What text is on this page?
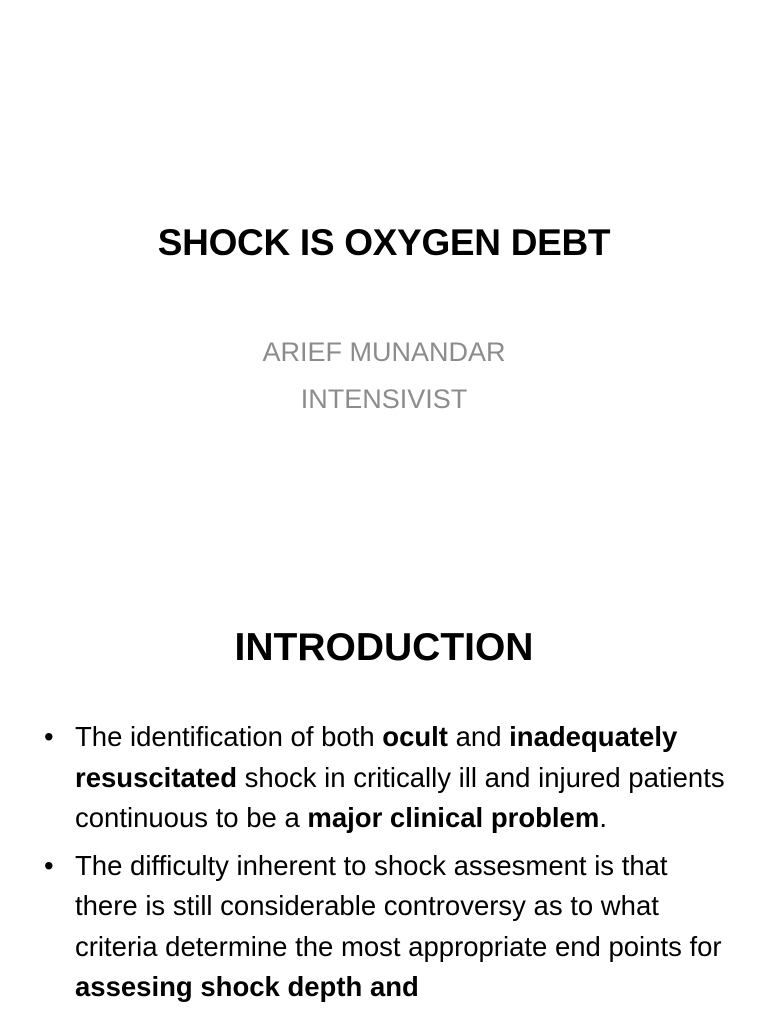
SHOCK IS OXYGEN DEBT
ARIEF MUNANDAR
INTENSIVIST
INTRODUCTION
• The identification of both ocult and inadequately resuscitated shock in critically ill and injured patients continuous to be a major clinical problem.
• The difficulty inherent to shock assesment is that there is still considerable controversy as to what criteria determine the most appropriate end points for assesing shock depth and
